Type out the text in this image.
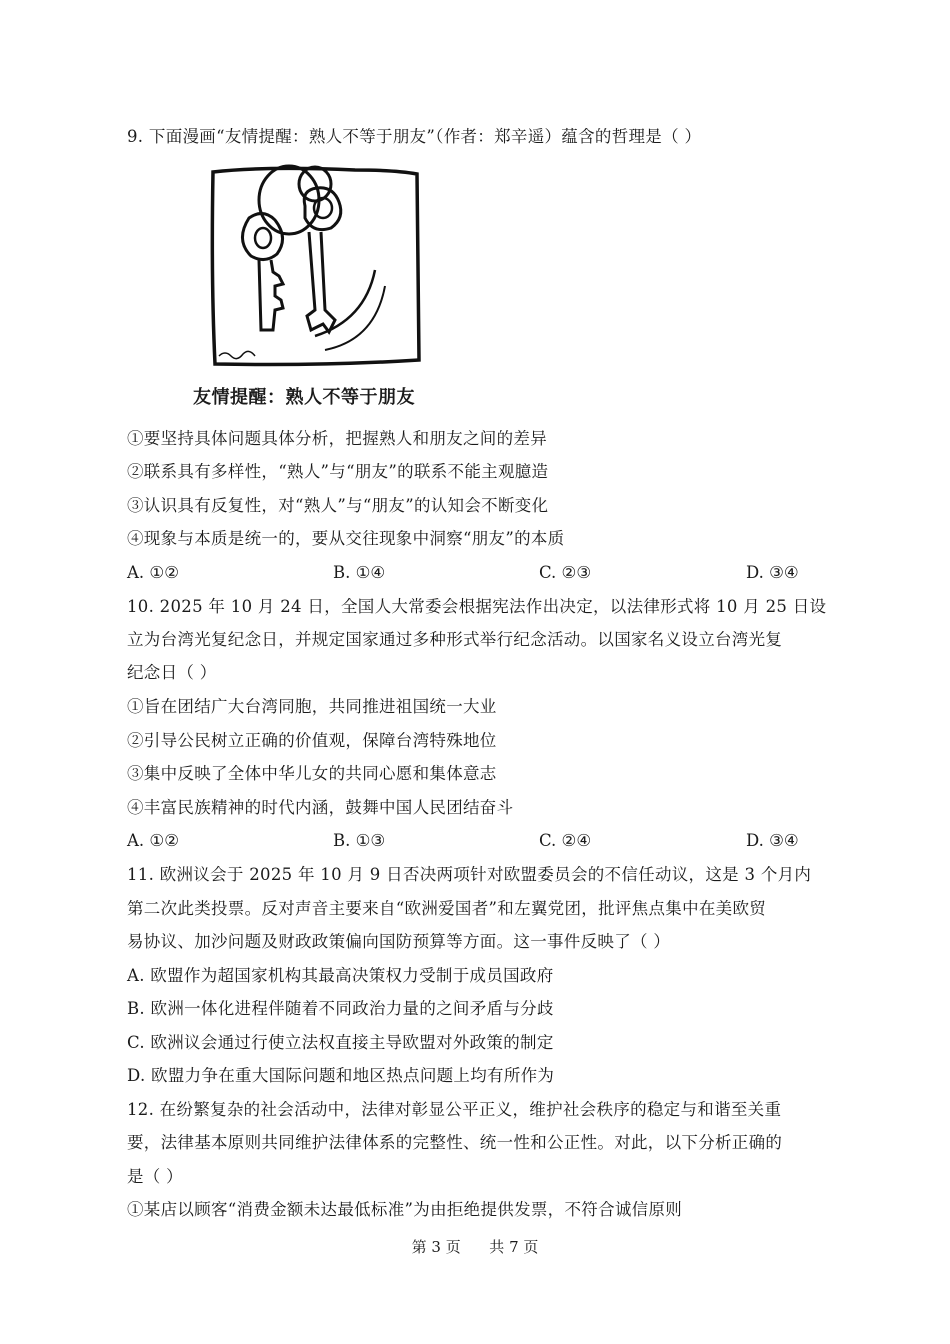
9. 下面漫画“友情提醒：熟人不等于朋友”（作者：郑辛遥）蕴含的哲理是（ ）
友情提醒：熟人不等于朋友
①要坚持具体问题具体分析，把握熟人和朋友之间的差异
②联系具有多样性，“熟人”与“朋友”的联系不能主观臆造
③认识具有反复性，对“熟人”与“朋友”的认知会不断变化
④现象与本质是统一的，要从交往现象中洞察“朋友”的本质
A. ①②	B. ①④	C. ②③	D. ③④
10. 2025 年 10 月 24 日，全国人大常委会根据宪法作出决定，以法律形式将 10 月 25 日设
立为台湾光复纪念日，并规定国家通过多种形式举行纪念活动。以国家名义设立台湾光复
纪念日（ ）
①旨在团结广大台湾同胞，共同推进祖国统一大业
②引导公民树立正确的价值观，保障台湾特殊地位
③集中反映了全体中华儿女的共同心愿和集体意志
④丰富民族精神的时代内涵，鼓舞中国人民团结奋斗
A. ①②	B. ①③	C. ②④	D. ③④
11. 欧洲议会于 2025 年 10 月 9 日否决两项针对欧盟委员会的不信任动议，这是 3 个月内
第二次此类投票。反对声音主要来自“欧洲爱国者”和左翼党团，批评焦点集中在美欧贸
易协议、加沙问题及财政政策偏向国防预算等方面。这一事件反映了（ ）
A. 欧盟作为超国家机构其最高决策权力受制于成员国政府
B. 欧洲一体化进程伴随着不同政治力量的之间矛盾与分歧
C. 欧洲议会通过行使立法权直接主导欧盟对外政策的制定
D. 欧盟力争在重大国际问题和地区热点问题上均有所作为
12. 在纷繁复杂的社会活动中，法律对彰显公平正义，维护社会秩序的稳定与和谐至关重
要，法律基本原则共同维护法律体系的完整性、统一性和公正性。对此，以下分析正确的
是（ ）
①某店以顾客“消费金额未达最低标准”为由拒绝提供发票，不符合诚信原则
第 3 页      共 7 页
